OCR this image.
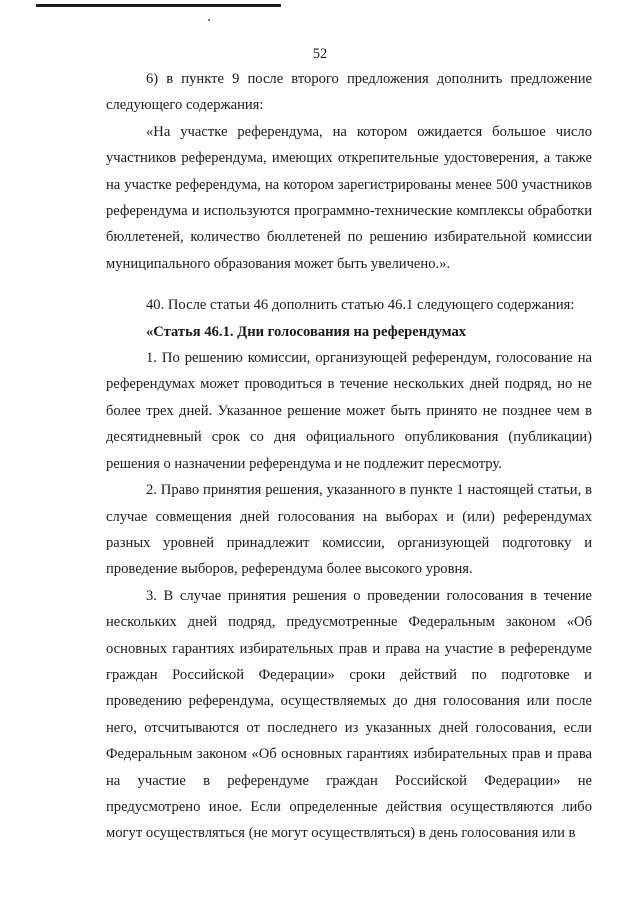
52

6) в пункте 9 после второго предложения дополнить предложение следующего содержания:

«На участке референдума, на котором ожидается большое число участников референдума, имеющих открепительные удостоверения, а также на участке референдума, на котором зарегистрированы менее 500 участников референдума и используются программно-технические комплексы обработки бюллетеней, количество бюллетеней по решению избирательной комиссии муниципального образования может быть увеличено.».

40. После статьи 46 дополнить статью 46.1 следующего содержания:

«Статья 46.1. Дни голосования на референдумах

1. По решению комиссии, организующей референдум, голосование на референдумах может проводиться в течение нескольких дней подряд, но не более трех дней. Указанное решение может быть принято не позднее чем в десятидневный срок со дня официального опубликования (публикации) решения о назначении референдума и не подлежит пересмотру.

2. Право принятия решения, указанного в пункте 1 настоящей статьи, в случае совмещения дней голосования на выборах и (или) референдумах разных уровней принадлежит комиссии, организующей подготовку и проведение выборов, референдума более высокого уровня.

3. В случае принятия решения о проведении голосования в течение нескольких дней подряд, предусмотренные Федеральным законом «Об основных гарантиях избирательных прав и права на участие в референдуме граждан Российской Федерации» сроки действий по подготовке и проведению референдума, осуществляемых до дня голосования или после него, отсчитываются от последнего из указанных дней голосования, если Федеральным законом «Об основных гарантиях избирательных прав и права на участие в референдуме граждан Российской Федерации» не предусмотрено иное. Если определенные действия осуществляются либо могут осуществляться (не могут осуществляться) в день голосования или в
